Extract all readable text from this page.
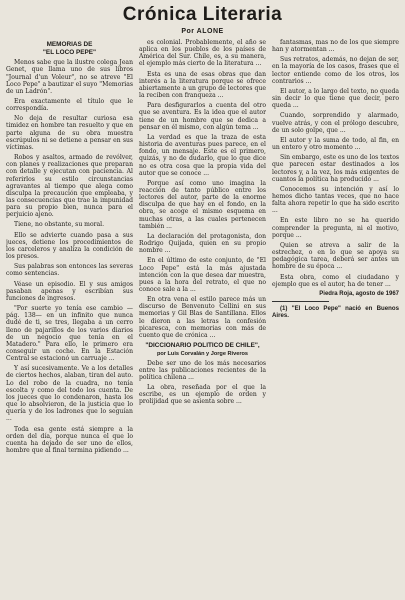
Crónica Literaria
Por ALONE
MEMORIAS DE
"EL LOCO PEPE"

Menos sabe que la ilustre colega Jean Genet, que llama uno de sus libros "Journal d'un Voleur", no se atreve "El Loco Pepe" a bautizar el suyo "Memorias de un Ladrón".

Era exactamente el título que le correspondía.

No deja de resultar curiosa esa timidez en hombre tan resuelto y que en parte alguna de su obra muestra escrúpulos ni se detiene a pensar en sus víctimas.

Robos y asaltos, armado de revólver, con planes y realizaciones que preparan con detalle y ejecutan con paciencia. Al referirlos su estilo circunstancias agravantes al tiempo que alega como disculpa la precaución que empleaba, y las consecuencias que trae la impunidad para su propio bien, nunca para el perjuicio ajeno.

Tiene, no obstante, su moral.

Ello se advierte cuando pasa a sus jueces, detiene los procedimientos de los carceleros y analiza la condición de los presos.

Sus palabras son entonces las severas como sentencias.

Véase un episodio. El y sus amigos pasaban apenas y escribían sus funciones de ingresos.

"Por suerte yo tenía ese cambio — pág. 138— en un infinito que nunca dudé de ti, se tres, llegaba a un cerro lleno de pajarillos de los varios diarios de un negocio que tenía en el Matadero." Para ello, le primero era conseguir un coche. En la Estación Central se estacionó un carruaje ...

Y así sucesivamente. Ve a los detalles de ciertos hechos, alaban, tiran del auto. Lo del robo de la cuadra, no tenía escolta y como del todo los cuenta. De los jueces que lo condenaron, hasta los que lo absolvieron, de la justicia que lo quería y de los ladrones que lo seguían ...

Toda esa gente está siempre a la orden del día, porque nunca el que lo cuenta ha dejado de ser uno de ellos, hombre que al final termina pidiendo ...

es colonial. Probablemente, el año se aplica en los pueblos de los países de América del Sur. Chile, es, a su manera, el ejemplo más cierto de la literatura ...

Esta es una de esas obras que dan interés a la literatura porque se ofrece abiertamente a un grupo de lectores que la reciben con franqueza ...

Para desfigurarlos a cuenta del otro que se aventura. Es la idea que el autor tiene de un hombre que se dedica a pensar en él mismo, con algún tema ...

La verdad es que la traza de esta historia de aventuras pues parece, en el fondo, un mensaje. Este es el primero, quizás, y no de dudarlo, que lo que dice no es otra cosa que la propia vida del autor que se conoce ...

Porque así como uno imagina la reacción de tanto público entre los lectores del autor, parte de la enorme disculpa de que hay en el fondo, en la obra, se acoge el mismo esquema en muchas otras, a las cuales pertenecen también ...

La declaración del protagonista, don Rodrigo Quijada, quien en su propio nombre ...

En el último de este conjunto, de "El Loco Pepe" está la más ajustada intención con la que desea dar muestra, pues a la hora del retrato, el que no conoce sale a la ...

En otra vena el estilo parece más un discurso de Benvenuto Cellini en sus memorias y Gil Blas de Santillana. Ellos le dieron a las letras la confesión picaresca, con memorias con más de cuento que de crónica ...

"DICCIONARIO POLITICO DE CHILE",
por Luis Corvalán y Jorge Riveros

Debe ser uno de los más necesarios entre las publicaciones recientes de la política chilena ...

La obra, reseñada por el que la escribe, es un ejemplo de orden y prolijidad que se asienta sobre ...

fantasmas, mas no de los que siempre han y atormentan ...

Sus retratos, además, no dejan de ser, en la mayoría de los casos, frases que el lector entiende como de los otros, los contrarios ...

El autor, a lo largo del texto, no queda sin decir lo que tiene que decir, pero queda ...

Cuando, sorprendido y alarmado, vuelve atrás, y con el prólogo descubre, de un solo golpe, que ...

El autor y la suma de todo, al fin, en un entero y otro momento ...

Sin embargo, este es uno de los textos que parecen estar destinados a los lectores y, a la vez, los más exigentes de cuantos la política ha producido ...

Conocemos su intención y así lo hemos dicho tantas veces, que no hace falta ahora repetir lo que ha sido escrito ...

En este libro no se ha querido comprender la pregunta, ni el motivo, porque ...

Quien se atreva a salir de la estrechez, o en lo que se apoya su pedagógica tarea, deberá ser antes un hombre de su época ...

Esta obra, como el ciudadano y ejemplo que es el autor, ha de tener ...

Piedra Roja, agosto de 1967

(1) "El Loco Pepe" nació en Buenos Aires.
